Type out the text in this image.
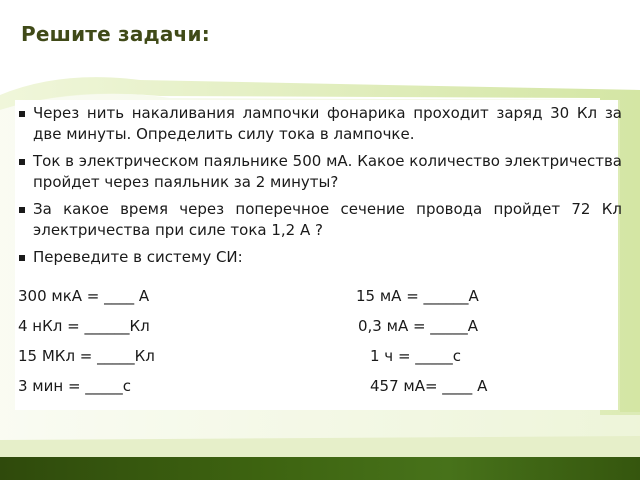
Решите задачи:
Через нить накаливания лампочки фонарика проходит заряд 30 Кл за две минуты. Определить силу тока в лампочке.
Ток в электрическом паяльнике 500 мА. Какое количество электричества пройдет через паяльник за 2 минуты?
За какое время через поперечное сечение провода пройдет 72 Кл электричества при силе тока 1,2 А ?
Переведите в систему СИ:
300 мкА = ____ А
4 нКл = ______Кл
15 МКл = _____Кл
3 мин = _____с
15 мА = ______А
0,3 мА = _____А
1 ч = _____с
457 мА= ____ А
